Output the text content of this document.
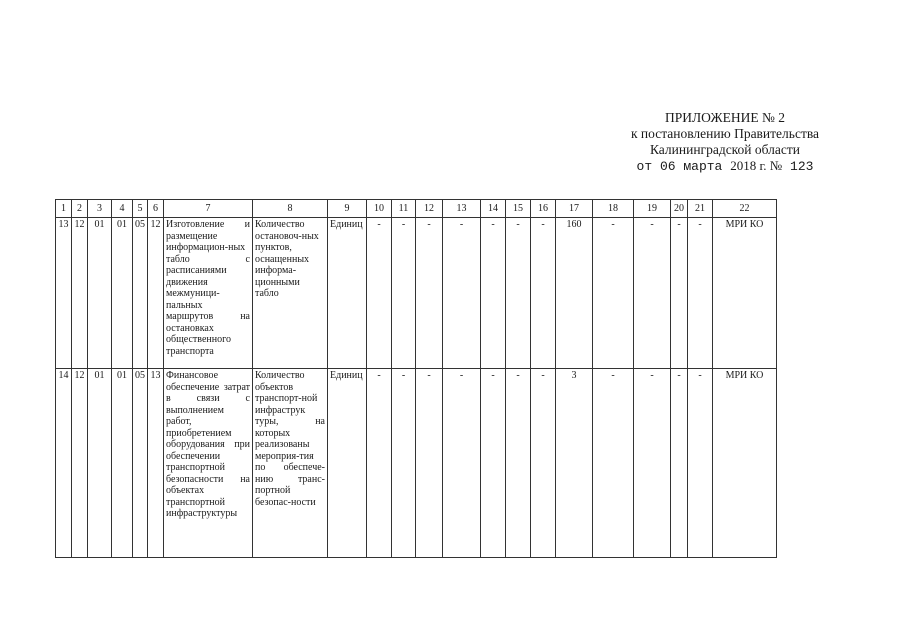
ПРИЛОЖЕНИЕ № 2
к постановлению Правительства
Калининградской области
от 06 марта 2018 г. № 123
1	2	3	4	5	6	7	8	9	10	11	12	13	14	15	16	17	18	19	20	21	22
13	12	01	01	05	12	Изготовление и размещение информацион-ных табло с расписаниями движения межмуници-пальных маршрутов на остановках общественного транспорта	Количество остановоч-ных пунктов, оснащенных информа-ционными табло	Единиц	-	-	-	-	-	-	-	160	-	-	-	-	МРИ КО
14	12	01	01	05	13	Финансовое обеспечение затрат в связи с выполнением работ, приобретением оборудования при обеспечении транспортной безопасности на объектах транспортной инфраструктуры	Количество объектов транспорт-ной инфраструк туры, на которых реализованы мероприя-тия по обеспече-нию транс-портной безопас-ности	Единиц	-	-	-	-	-	-	-	3	-	-	-	-	МРИ КО
